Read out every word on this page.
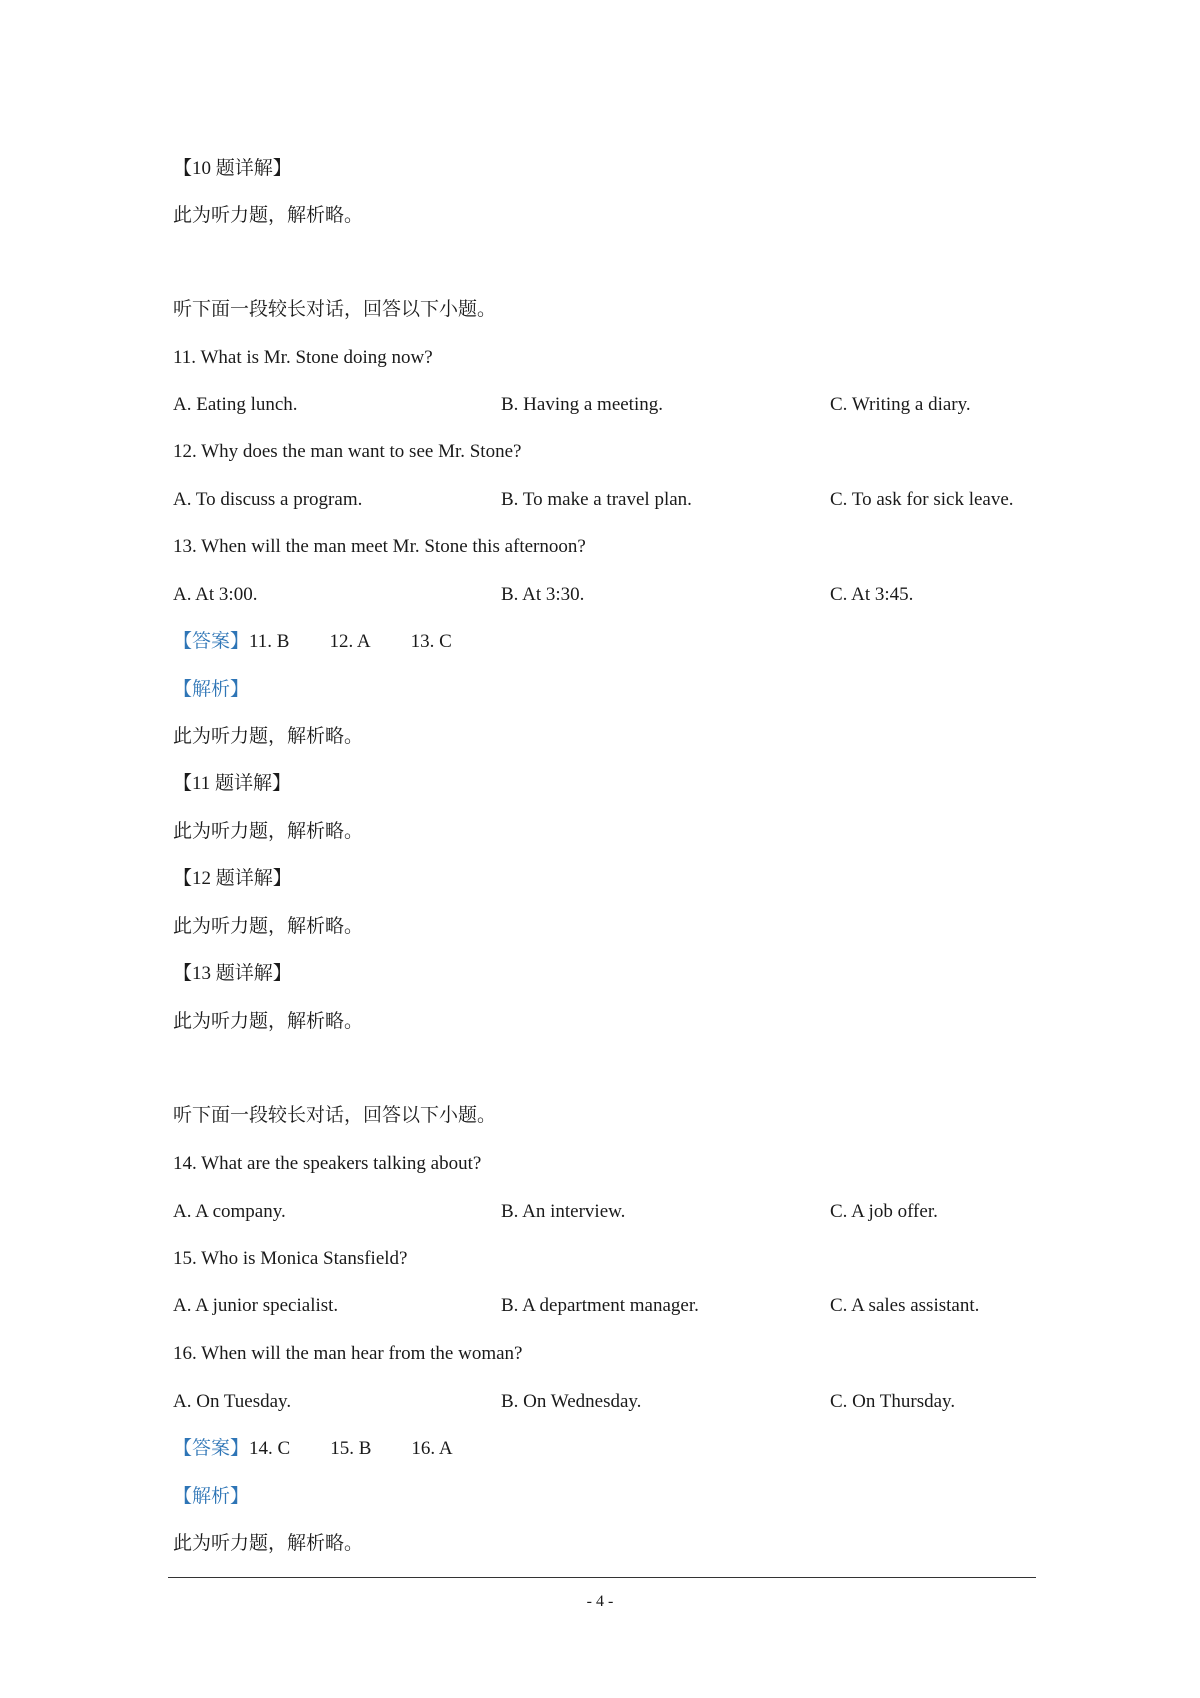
【10 题详解】
此为听力题，解析略。
听下面一段较长对话，回答以下小题。
11. What is Mr. Stone doing now?
A. Eating lunch.	B. Having a meeting.	C. Writing a diary.
12. Why does the man want to see Mr. Stone?
A. To discuss a program.	B. To make a travel plan.	C. To ask for sick leave.
13. When will the man meet Mr. Stone this afternoon?
A. At 3:00.	B. At 3:30.	C. At 3:45.
【答案】11. B 12. A 13. C
【解析】
此为听力题，解析略。
【11 题详解】
此为听力题，解析略。
【12 题详解】
此为听力题，解析略。
【13 题详解】
此为听力题，解析略。
听下面一段较长对话，回答以下小题。
14. What are the speakers talking about?
A. A company.	B. An interview.	C. A job offer.
15. Who is Monica Stansfield?
A. A junior specialist.	B. A department manager.	C. A sales assistant.
16. When will the man hear from the woman?
A. On Tuesday.	B. On Wednesday.	C. On Thursday.
【答案】14. C 15. B 16. A
【解析】
此为听力题，解析略。
- 4 -
